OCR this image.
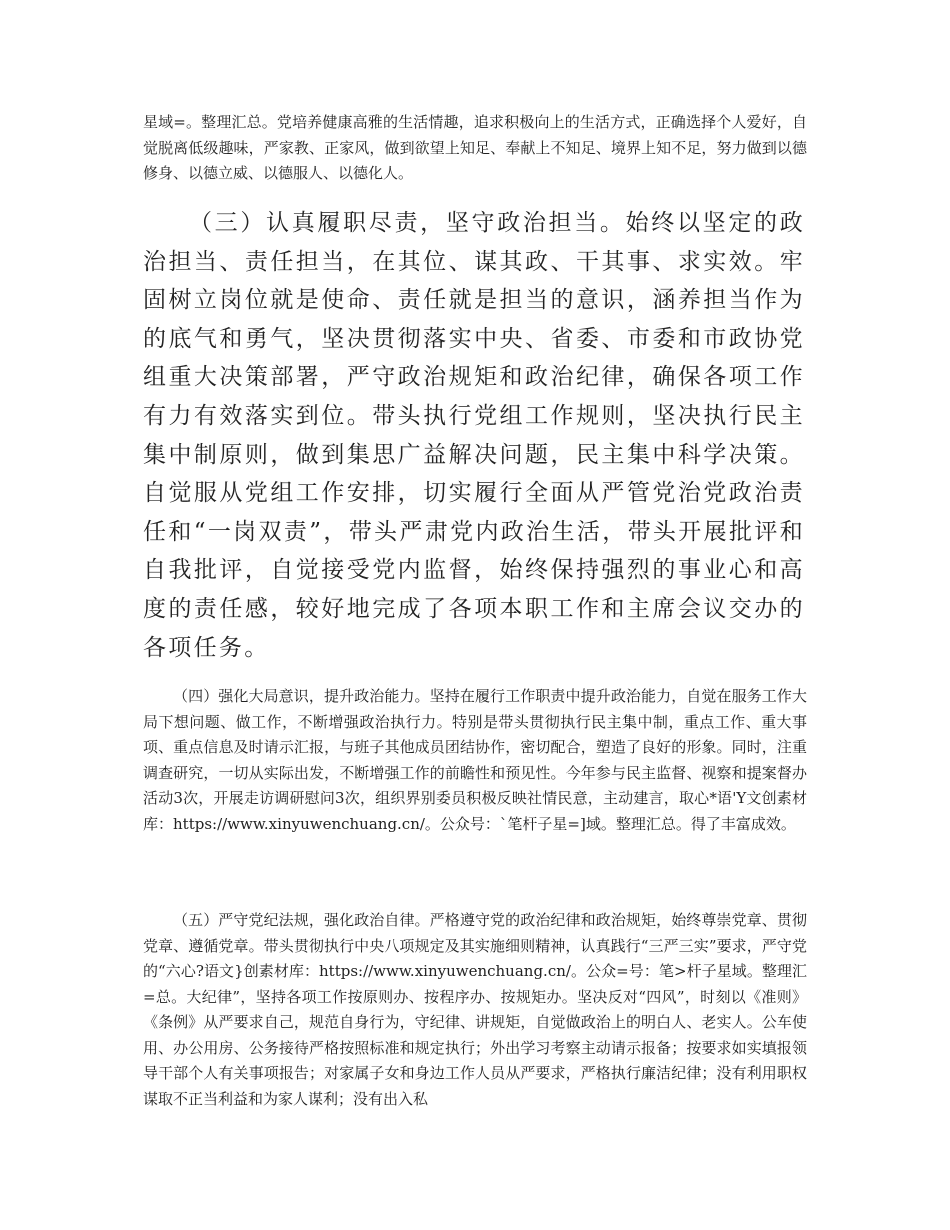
星域=。整理汇总。党培养健康高雅的生活情趣，追求积极向上的生活方式，正确选择个人爱好，自觉脱离低级趣味，严家教、正家风，做到欲望上知足、奉献上不知足、境界上知不足，努力做到以德修身、以德立威、以德服人、以德化人。

（三）认真履职尽责，坚守政治担当。始终以坚定的政治担当、责任担当，在其位、谋其政、干其事、求实效。牢固树立岗位就是使命、责任就是担当的意识，涵养担当作为的底气和勇气，坚决贯彻落实中央、省委、市委和市政协党组重大决策部署，严守政治规矩和政治纪律，确保各项工作有力有效落实到位。带头执行党组工作规则，坚决执行民主集中制原则，做到集思广益解决问题，民主集中科学决策。自觉服从党组工作安排，切实履行全面从严管党治党政治责任和“一岗双责”，带头严肃党内政治生活，带头开展批评和自我批评，自觉接受党内监督，始终保持强烈的事业心和高度的责任感，较好地完成了各项本职工作和主席会议交办的各项任务。

（四）强化大局意识，提升政治能力。坚持在履行工作职责中提升政治能力，自觉在服务工作大局下想问题、做工作，不断增强政治执行力。特别是带头贯彻执行民主集中制，重点工作、重大事项、重点信息及时请示汇报，与班子其他成员团结协作，密切配合，塑造了良好的形象。同时，注重调查研究，一切从实际出发，不断增强工作的前瞻性和预见性。今年参与民主监督、视察和提案督办活动3次，开展走访调研慰问3次，组织界别委员积极反映社情民意，主动建言，取心*语'Y文创素材库：https://www.xinyuwenchuang.cn/。公众号：`笔杆子星=]域。整理汇总。得了丰富成效。

（五）严守党纪法规，强化政治自律。严格遵守党的政治纪律和政治规矩，始终尊崇党章、贯彻党章、遵循党章。带头贯彻执行中央八项规定及其实施细则精神，认真践行“三严三实”要求，严守党的“六心?语文}创素材库：https://www.xinyuwenchuang.cn/。公众=号：笔>杆子星域。整理汇=总。大纪律”，坚持各项工作按原则办、按程序办、按规矩办。坚决反对“四风”，时刻以《准则》《条例》从严要求自己，规范自身行为，守纪律、讲规矩，自觉做政治上的明白人、老实人。公车使用、办公用房、公务接待严格按照标准和规定执行；外出学习考察主动请示报备；按要求如实填报领导干部个人有关事项报告；对家属子女和身边工作人员从严要求，严格执行廉洁纪律；没有利用职权谋取不正当利益和为家人谋利；没有出入私
